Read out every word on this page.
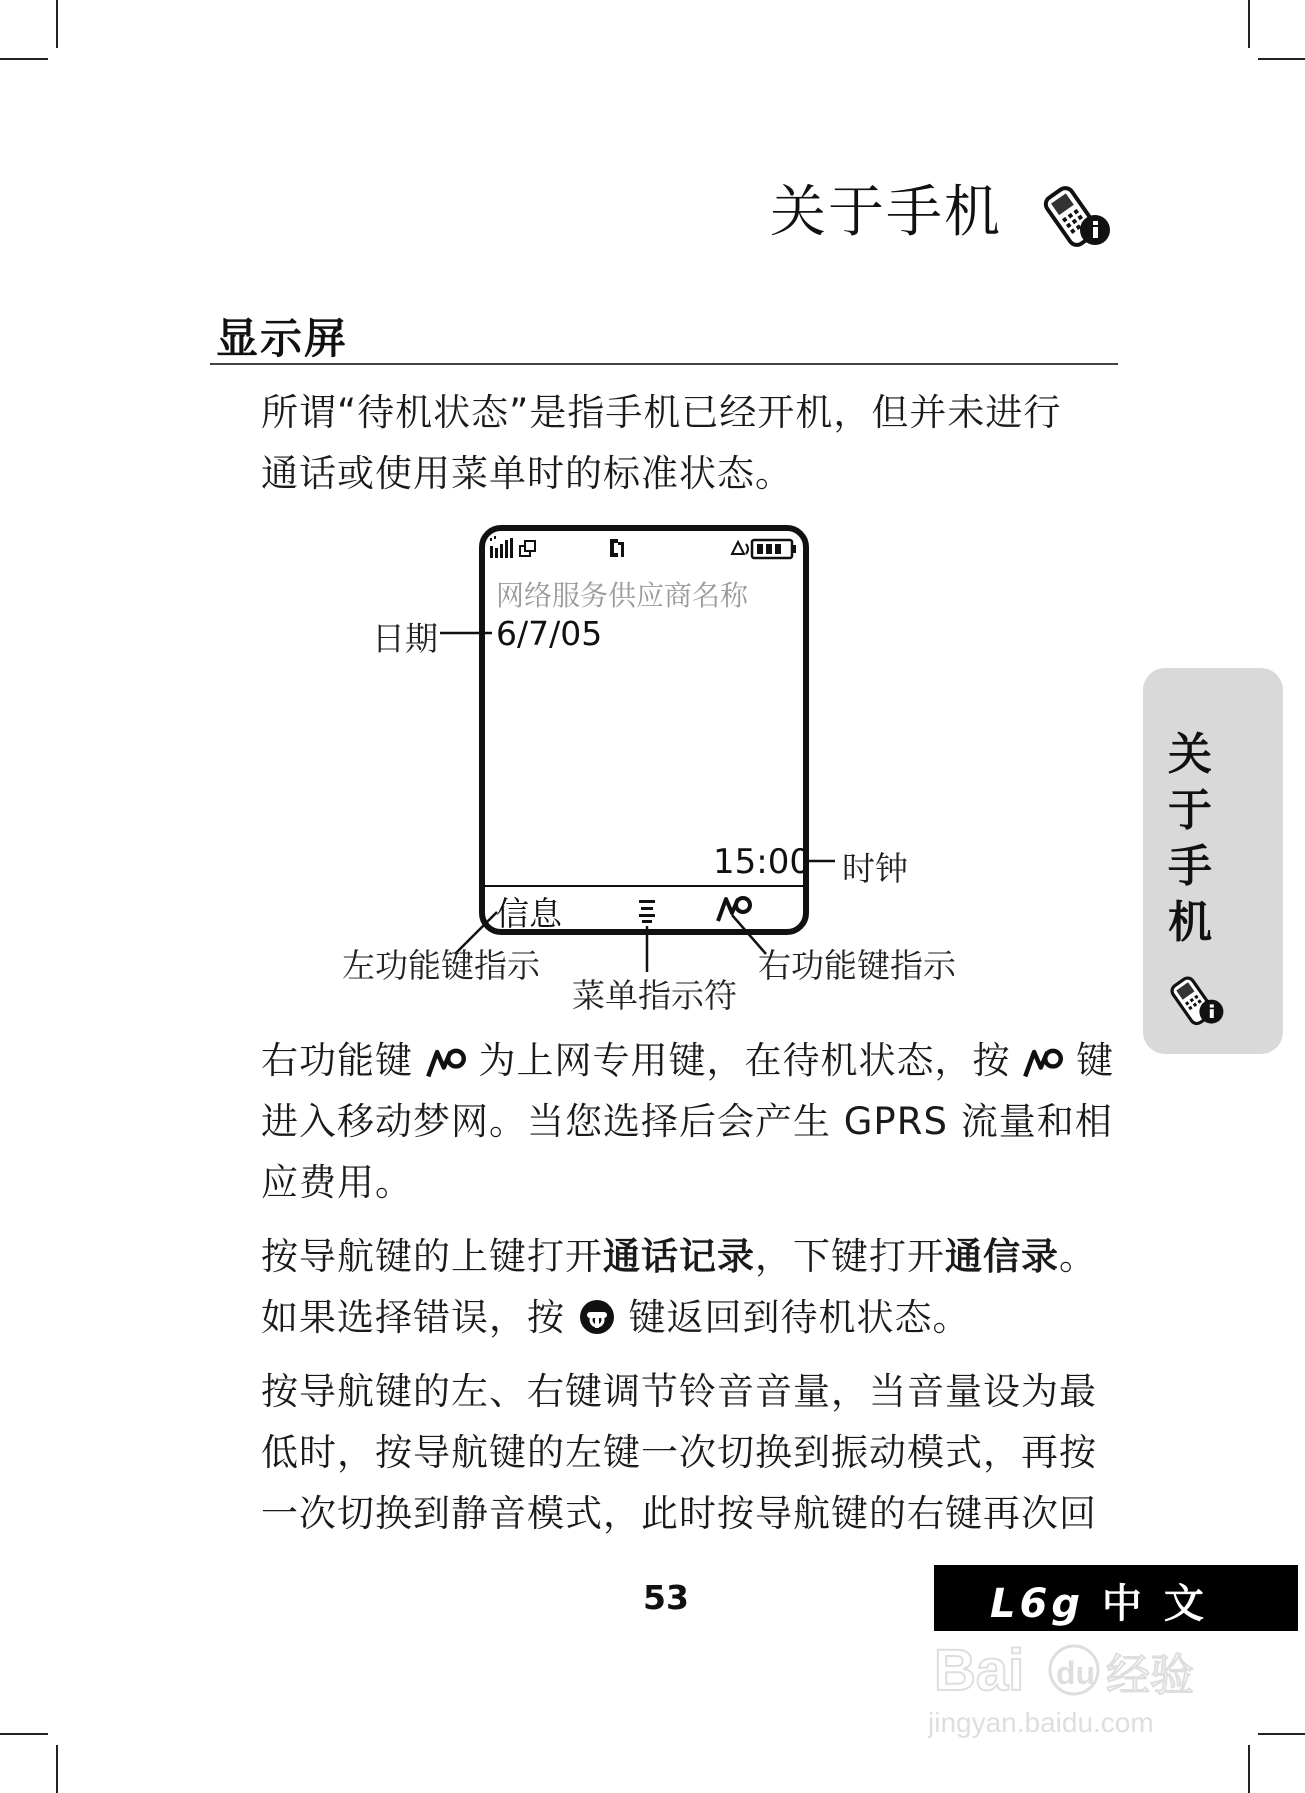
关于手机
显示屏
所谓“待机状态”是指手机已经开机，但并未进行
通话或使用菜单时的标准状态。
网络服务供应商名称
6/7/05
15:00
信息
日期
时钟
左功能键指示
菜单指示符
右功能键指示
右功能键 为上网专用键，在待机状态，按 键
进入移动梦网。当您选择后会产生 GPRS 流量和相
应费用。
按导航键的上键打开通话记录，下键打开通信录。
如果选择错误，按 键返回到待机状态。
按导航键的左、右键调节铃音音量，当音量设为最
低时，按导航键的左键一次切换到振动模式，再按
一次切换到静音模式，此时按导航键的右键再次回
关
于
手
机
53	L6g 中 文
Bai du 经验
jingyan.baidu.com
